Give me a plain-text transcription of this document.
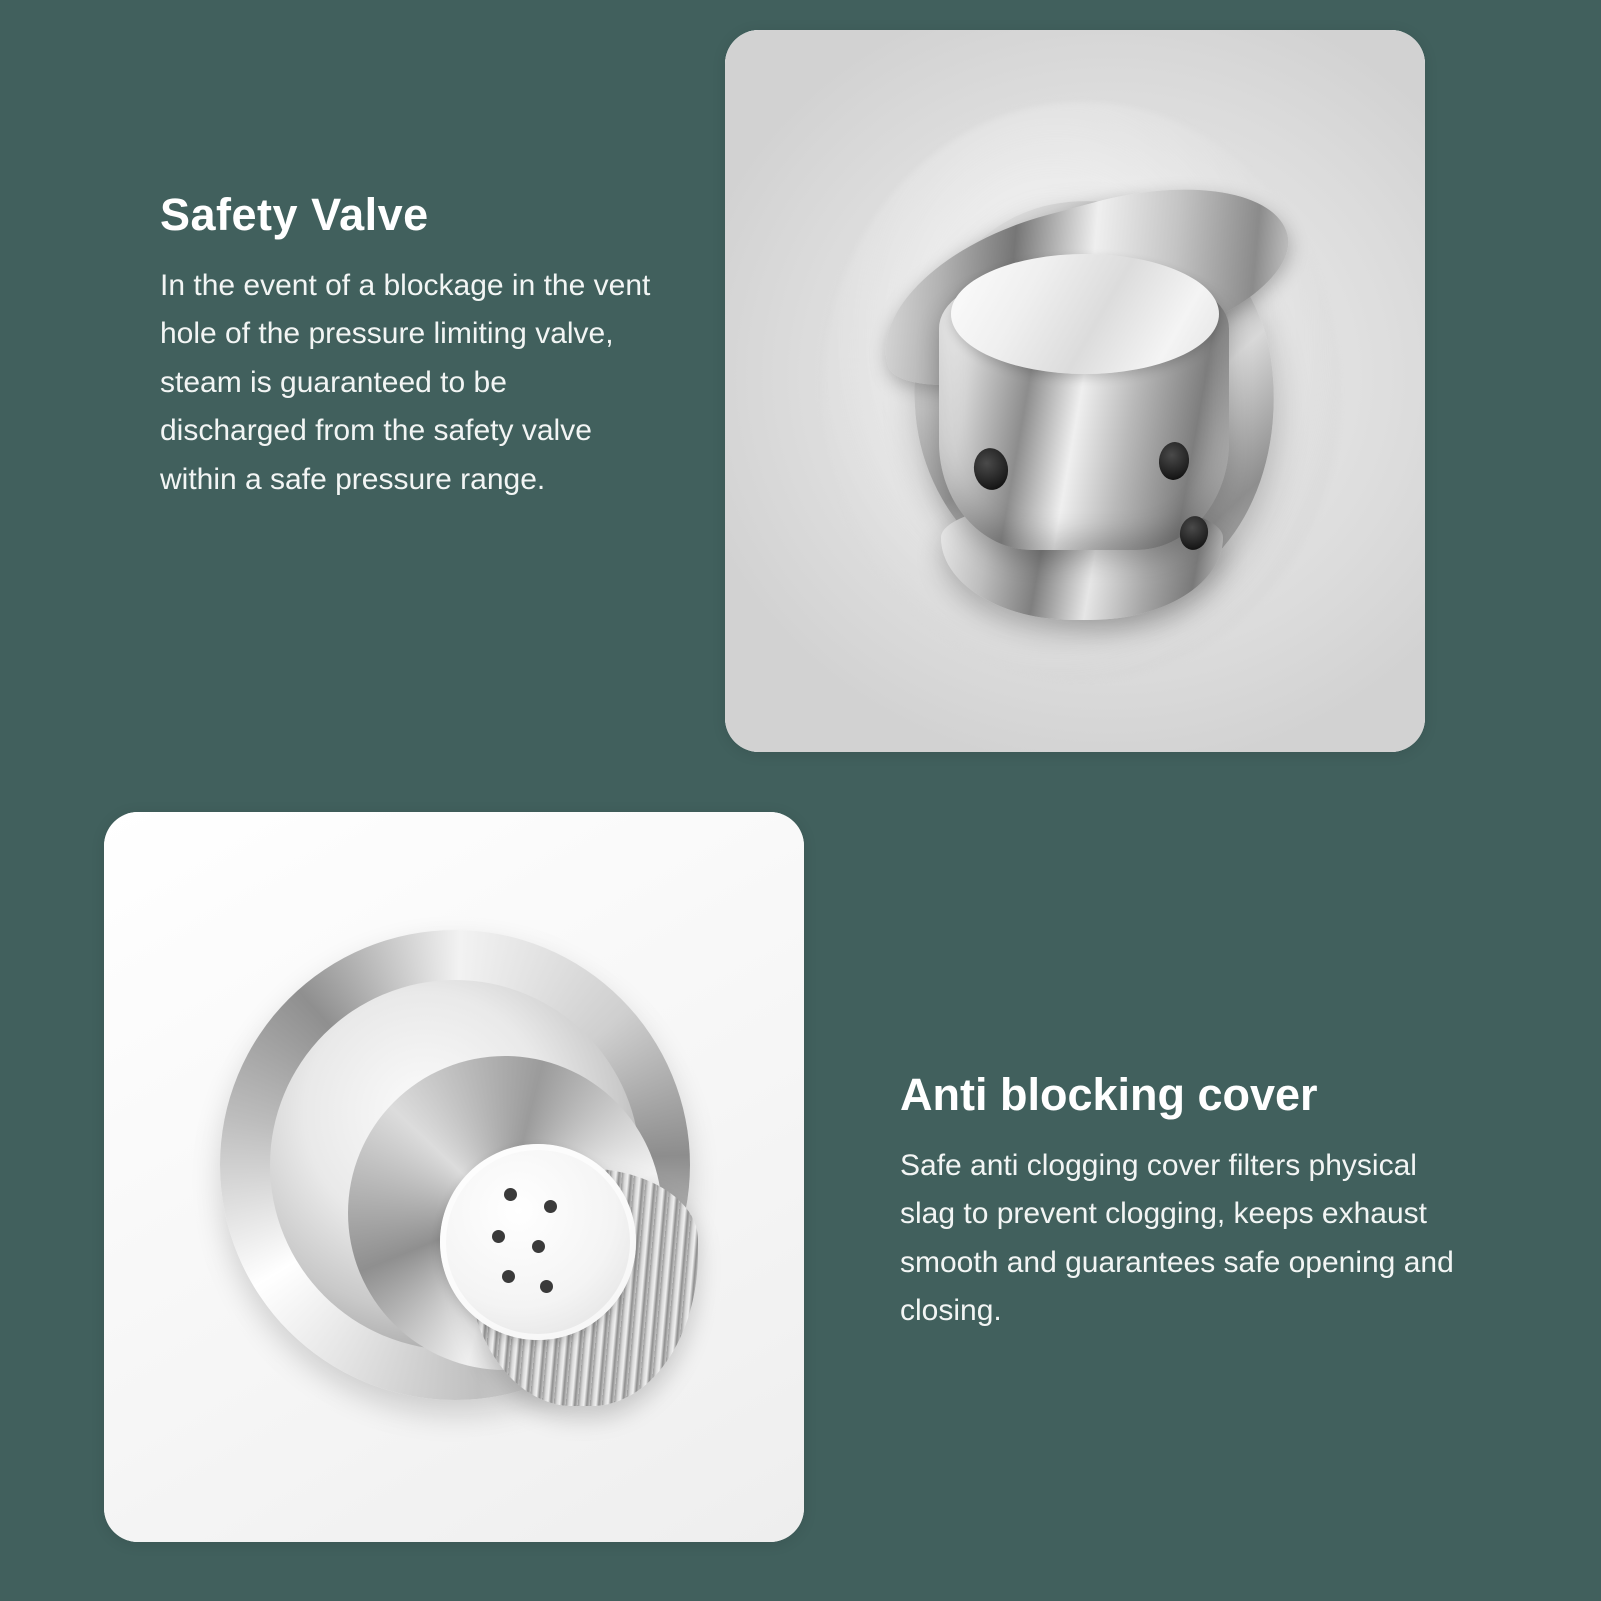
Safety Valve

In the event of a blockage in the vent hole of the pressure limiting valve, steam is guaranteed to be discharged from the safety valve within a safe pressure range.

Anti blocking cover

Safe anti clogging cover filters physical slag to prevent clogging, keeps exhaust smooth and guarantees safe opening and closing.
